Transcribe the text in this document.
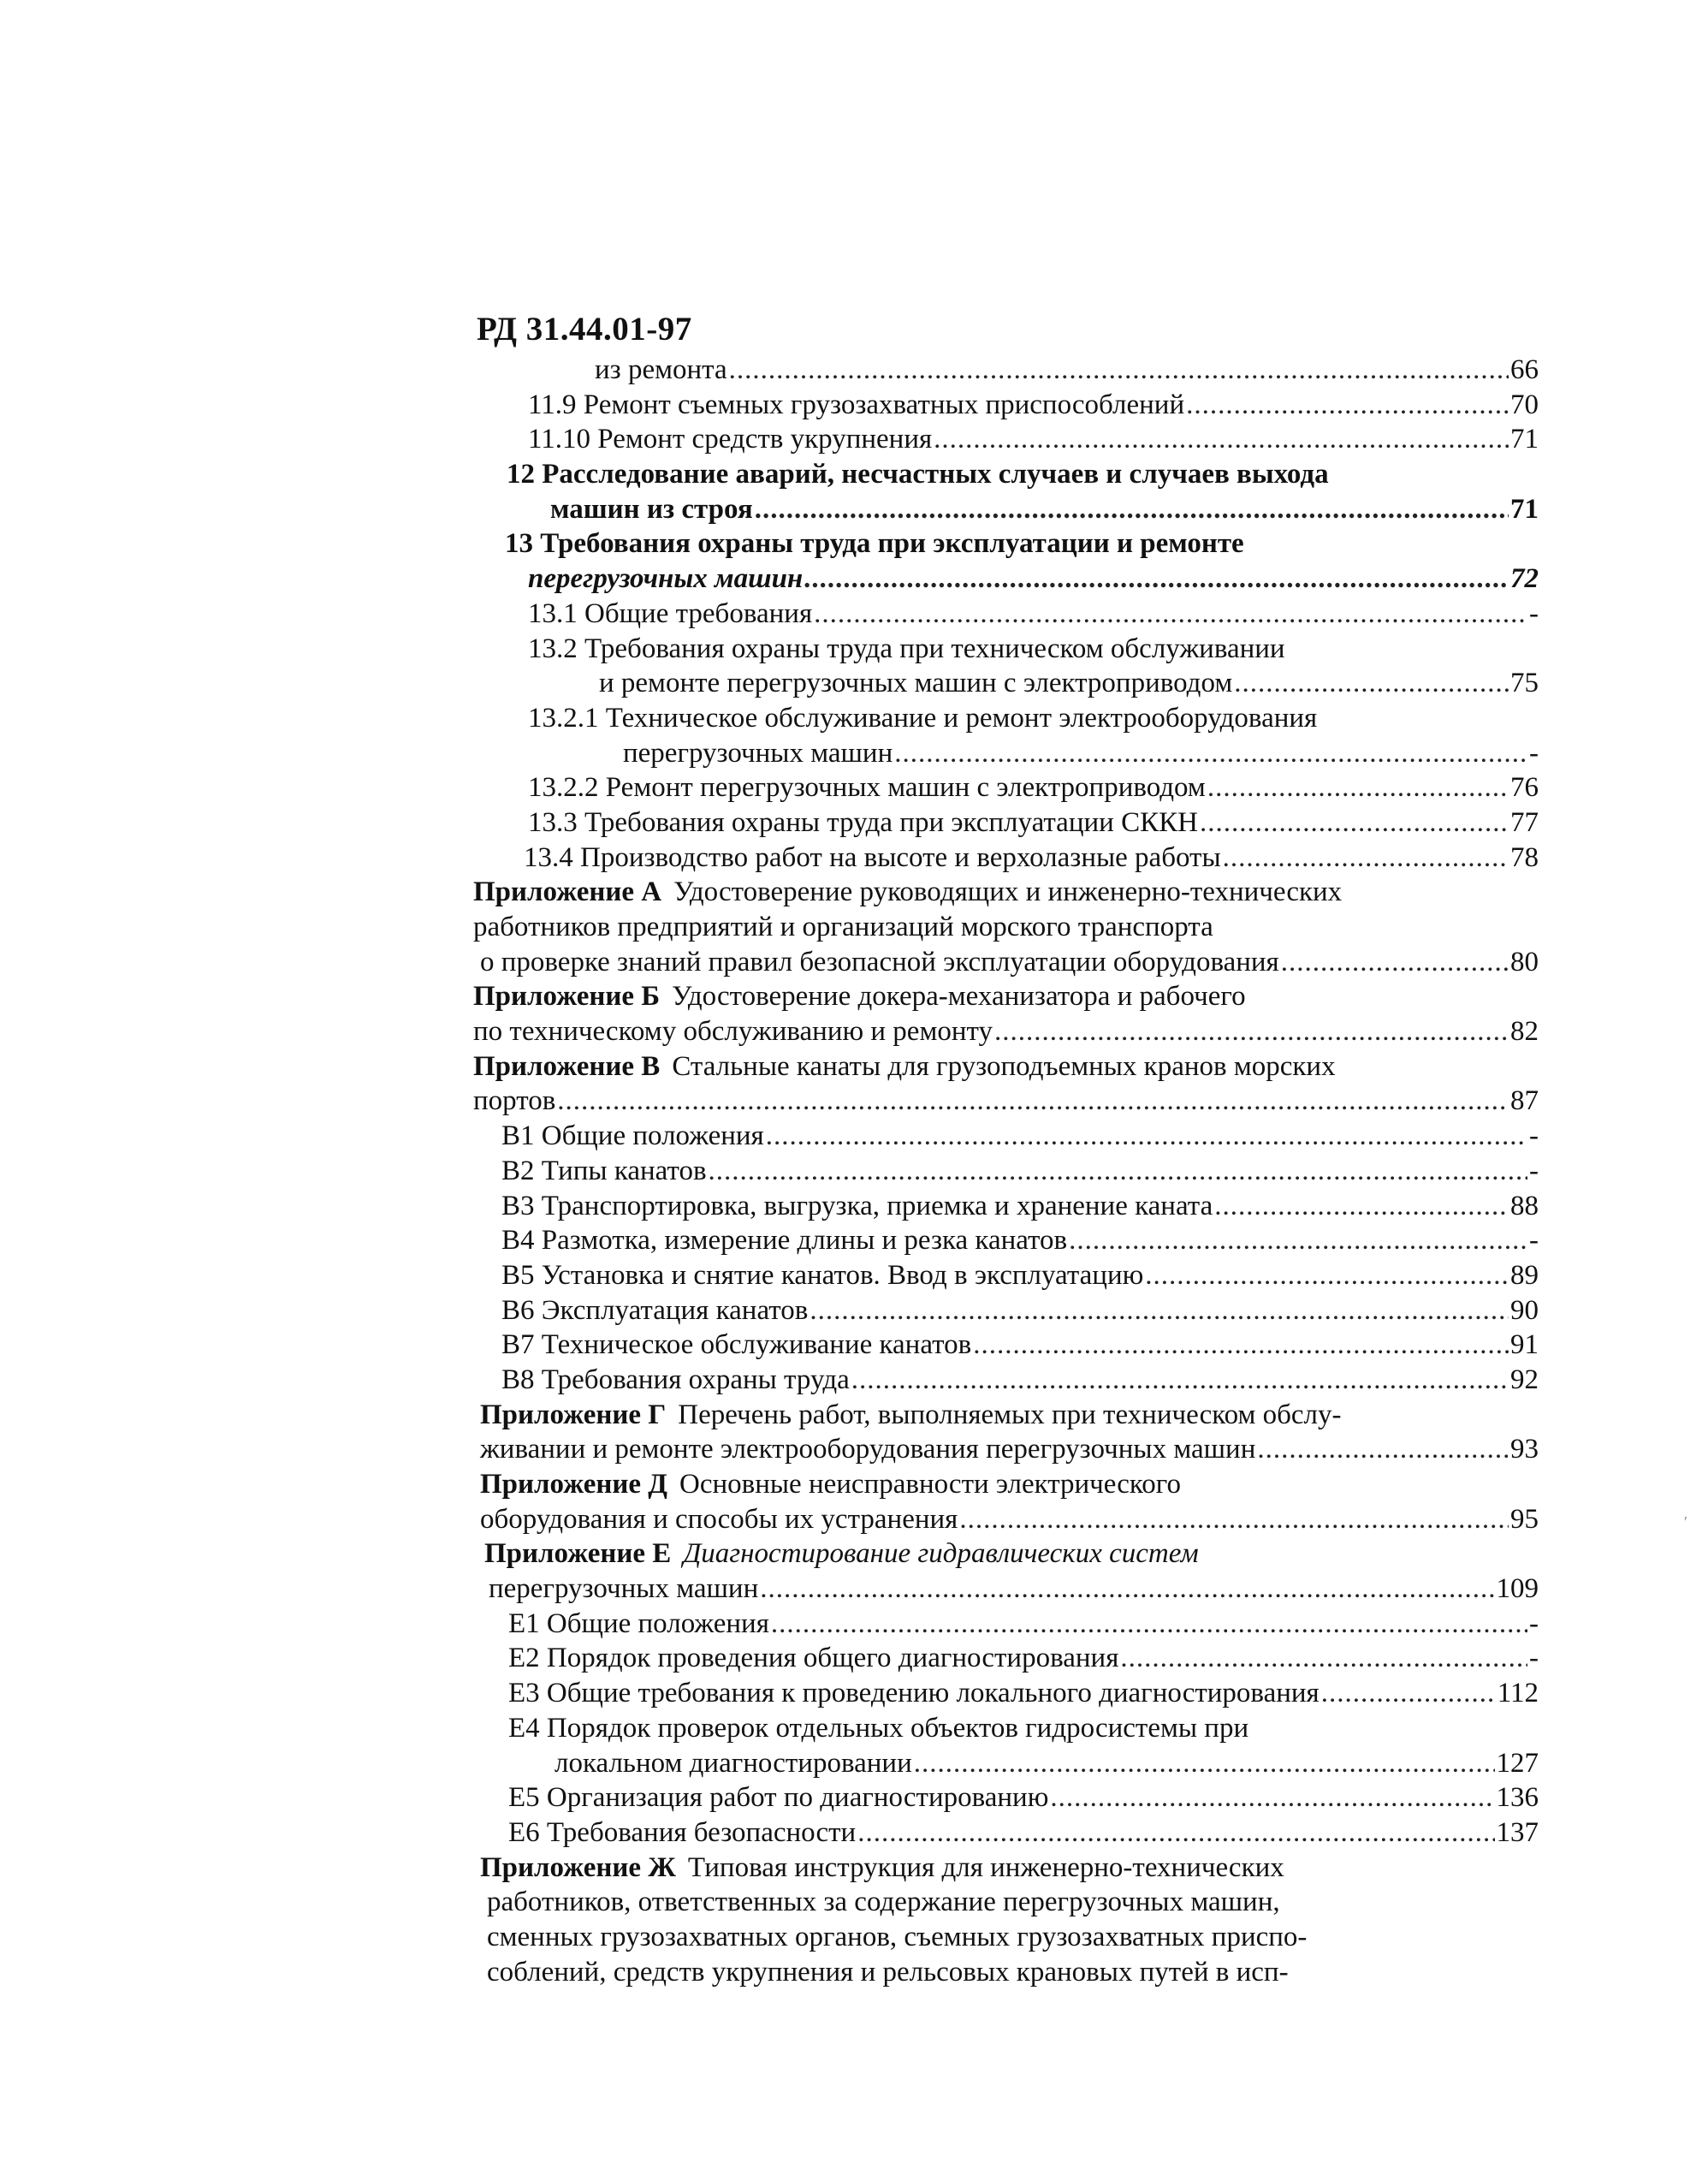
РД 31.44.01-97
из ремонта .....	66
11.9 Ремонт съемных грузозахватных приспособлений .....	70
11.10 Ремонт средств укрупнения .....	71
12 Расследование аварий, несчастных случаев и случаев выхода
машин из строя .....	71
13 Требования охраны труда при эксплуатации и ремонте
перегрузочных машин .....	72
13.1 Общие требования .....	-
13.2 Требования охраны труда при техническом обслуживании
и ремонте перегрузочных машин с электроприводом .....	75
13.2.1 Техническое обслуживание и ремонт электрооборудования
перегрузочных машин .....	-
13.2.2 Ремонт перегрузочных машин с электроприводом .....	76
13.3 Требования охраны труда при эксплуатации СККН .....	77
13.4 Производство работ на высоте и верхолазные работы .....	78
Приложение А Удостоверение руководящих и инженерно-технических
работников предприятий и организаций морского транспорта
о проверке знаний правил безопасной эксплуатации оборудования .....	80
Приложение Б Удостоверение докера-механизатора и рабочего
по техническому обслуживанию и ремонту .....	82
Приложение В Стальные канаты для грузоподъемных кранов морских
портов .....	87
В1 Общие положения .....	-
В2 Типы канатов .....	-
В3 Транспортировка, выгрузка, приемка и хранение каната .....	88
В4 Размотка, измерение длины и резка канатов .....	-
В5 Установка и снятие канатов. Ввод в эксплуатацию .....	89
В6 Эксплуатация канатов .....	90
В7 Техническое обслуживание канатов .....	91
В8 Требования охраны труда .....	92
Приложение Г Перечень работ, выполняемых при техническом обслу-
живании и ремонте электрооборудования перегрузочных машин .....	93
Приложение Д Основные неисправности электрического
оборудования и способы их устранения .....	95
Приложение Е Диагностирование гидравлических систем
перегрузочных машин .....	109
Е1 Общие положения .....	-
Е2 Порядок проведения общего диагностирования .....	-
Е3 Общие требования к проведению локального диагностирования .....	112
Е4 Порядок проверок отдельных объектов гидросистемы при
локальном диагностировании .....	127
Е5 Организация работ по диагностированию .....	136
Е6 Требования безопасности .....	137
Приложение Ж Типовая инструкция для инженерно-технических
работников, ответственных за содержание перегрузочных машин,
сменных грузозахватных органов, съемных грузозахватных приспо-
соблений, средств укрупнения и рельсовых крановых путей в исп-
′
